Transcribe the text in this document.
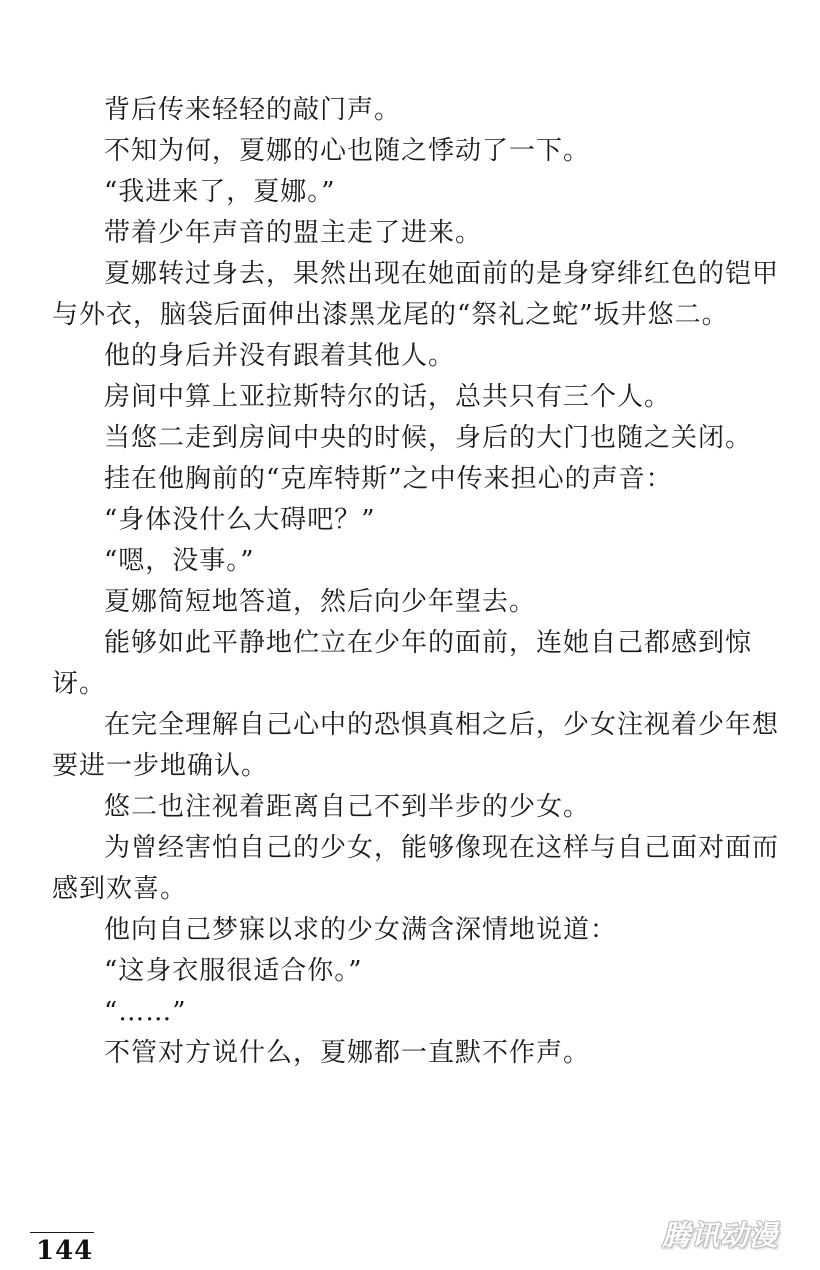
背后传来轻轻的敲门声。

不知为何，夏娜的心也随之悸动了一下。

“我进来了，夏娜。”

带着少年声音的盟主走了进来。

夏娜转过身去，果然出现在她面前的是身穿绯红色的铠甲与外衣，脑袋后面伸出漆黑龙尾的“祭礼之蛇”坂井悠二。

他的身后并没有跟着其他人。

房间中算上亚拉斯特尔的话，总共只有三个人。

当悠二走到房间中央的时候，身后的大门也随之关闭。

挂在他胸前的“克库特斯”之中传来担心的声音：

“身体没什么大碍吧？”

“嗯，没事。”

夏娜简短地答道，然后向少年望去。

能够如此平静地伫立在少年的面前，连她自己都感到惊讶。

在完全理解自己心中的恐惧真相之后，少女注视着少年想要进一步地确认。

悠二也注视着距离自己不到半步的少女。

为曾经害怕自己的少女，能够像现在这样与自己面对面而感到欢喜。

他向自己梦寐以求的少女满含深情地说道：

“这身衣服很适合你。”

“……”

不管对方说什么，夏娜都一直默不作声。

144	腾讯动漫
